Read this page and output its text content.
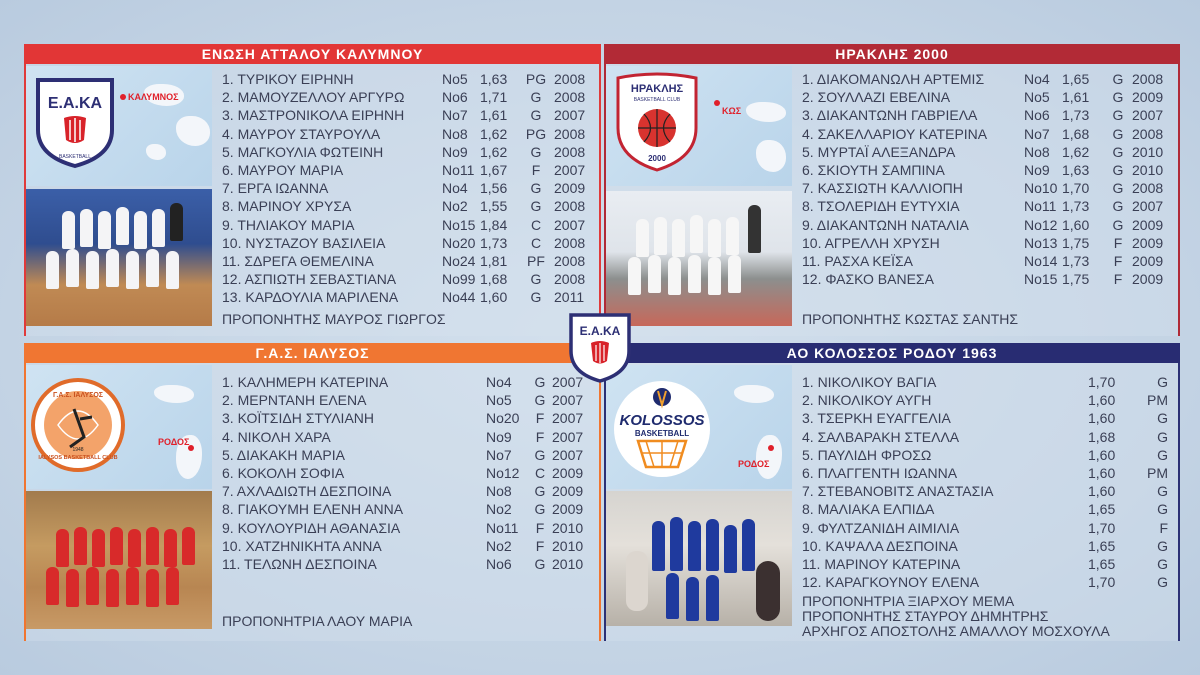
ΕΝΩΣΗ ΑΤΤΑΛΟΥ ΚΑΛΥΜΝΟΥ
ΚΑΛΥΜΝΟΣ
Ε.Α.ΚΑ
BASKETBALL
1. ΤΥΡΙΚΟΥ ΕΙΡΗΝΗ	No5 1,63 PG 2008
2. ΜΑΜΟΥΖΕΛΛΟΥ ΑΡΓΥΡΩ	No6 1,71	G 2008
3. ΜΑΣΤΡΟΝΙΚΟΛΑ ΕΙΡΗΝΗ	No7 1,61	G 2007
4. ΜΑΥΡΟΥ ΣΤΑΥΡΟΥΛΑ	No8 1,62 PG 2008
5. ΜΑΓΚΟΥΛΙΑ ΦΩΤΕΙΝΗ	No9 1,62	G 2008
6. ΜΑΥΡΟΥ ΜΑΡΙΑ	No11 1,67	F 2007
7. ΕΡΓΑ ΙΩΑΝΝΑ	No4 1,56	G 2009
8. ΜΑΡΙΝΟΥ ΧΡΥΣΑ	No2 1,55	G 2008
9. ΤΗΛΙΑΚΟΥ ΜΑΡΙΑ	No15 1,84	C 2007
10. ΝΥΣΤΑΖΟΥ ΒΑΣΙΛΕΙΑ	No20 1,73	C 2008
11. ΣΔΡΕΓΑ ΘΕΜΕΛΙΝΑ	No24 1,81 PF 2008
12. ΑΣΠΙΩΤΗ ΣΕΒΑΣΤΙΑΝΑ	No99 1,68	G 2008
13. ΚΑΡΔΟΥΛΙΑ ΜΑΡΙΛΕΝΑ	No44 1,60	G 2011
ΠΡΟΠΟΝΗΤΗΣ ΜΑΥΡΟΣ ΓΙΩΡΓΟΣ
ΗΡΑΚΛΗΣ 2000
ΚΩΣ
ΗΡΑΚΛΗΣ
BASKETBALL CLUB
2000
1. ΔΙΑΚΟΜΑΝΩΛΗ ΑΡΤΕΜΙΣ	No4 1,65	G 2008
2. ΣΟΥΛΛΑΖΙ ΕΒΕΛΙΝΑ	No5 1,61	G 2009
3. ΔΙΑΚΑΝΤΩΝΗ ΓΑΒΡΙΕΛΑ	No6 1,73	G 2007
4. ΣΑΚΕΛΛΑΡΙΟΥ ΚΑΤΕΡΙΝΑ	No7 1,68	G 2008
5. ΜΥΡΤΑΪ ΑΛΕΞΑΝΔΡΑ	No8 1,62	G 2010
6. ΣΚΙΟΥΤΗ ΣΑΜΠΙΝΑ	No9 1,63	G 2010
7. ΚΑΣΣΙΩΤΗ ΚΑΛΛΙΟΠΗ	No10 1,70	G 2008
8. ΤΣΟΛΕΡΙΔΗ ΕΥΤΥΧΙΑ	No11 1,73	G 2007
9. ΔΙΑΚΑΝΤΩΝΗ ΝΑΤΑΛΙΑ	No12 1,60	G 2009
10. ΑΓΡΕΛΛΗ ΧΡΥΣΗ	No13 1,75	F 2009
11. ΡΑΣΧΑ ΚΕΪΣΑ	No14 1,73	F 2009
12. ΦΑΣΚΟ ΒΑΝΕΣΑ	No15 1,75	F 2009
ΠΡΟΠΟΝΗΤΗΣ ΚΩΣΤΑΣ ΣΑΝΤΗΣ
Γ.Α.Σ. ΙΑΛΥΣΟΣ
ΡΟΔΟΣ
Γ.Α.Σ. ΙΑΛΥΣΟΣ
IALYSOS BASKETBALL CLUB
1948
1. ΚΑΛΗΜΕΡΗ ΚΑΤΕΡΙΝΑ	No4	G 2007
2. ΜΕΡΝΤΑΝΗ ΕΛΕΝΑ	No5	G 2007
3. ΚΟΪΤΣΙΔΗ ΣΤΥΛΙΑΝΗ	No20	F 2007
4. ΝΙΚΟΛΗ ΧΑΡΑ	No9	F 2007
5. ΔΙΑΚΑΚΗ ΜΑΡΙΑ	No7	G 2007
6. ΚΟΚΟΛΗ ΣΟΦΙΑ	No12	C 2009
7. ΑΧΛΑΔΙΩΤΗ ΔΕΣΠΟΙΝΑ	No8	G 2009
8. ΓΙΑΚΟΥΜΗ ΕΛΕΝΗ ΑΝΝΑ	No2	G 2009
9. ΚΟΥΛΟΥΡΙΔΗ ΑΘΑΝΑΣΙΑ	No11	F 2010
10. ΧΑΤΖΗΝΙΚΗΤΑ ΑΝΝΑ	No2	F 2010
11. ΤΕΛΩΝΗ ΔΕΣΠΟΙΝΑ	No6	G 2010
ΠΡΟΠΟΝΗΤΡΙΑ ΛΑΟΥ ΜΑΡΙΑ
ΑΟ ΚΟΛΟΣΣΟΣ ΡΟΔΟΥ 1963
ΡΟΔΟΣ
KOLOSSOS
BASKETBALL
1. ΝΙΚΟΛΙΚΟΥ ΒΑΓΙΑ	1,70	G
2. ΝΙΚΟΛΙΚΟΥ ΑΥΓΗ	1,60	PM
3. ΤΣΕΡΚΗ ΕΥΑΓΓΕΛΙΑ	1,60	G
4. ΣΑΛΒΑΡΑΚΗ ΣΤΕΛΛΑ	1,68	G
5. ΠΑΥΛΙΔΗ ΦΡΟΣΩ	1,60	G
6. ΠΛΑΓΓΕΝΤΗ ΙΩΑΝΝΑ	1,60	PM
7. ΣΤΕΒΑΝΟΒΙΤΣ ΑΝΑΣΤΑΣΙΑ	1,60	G
8. ΜΑΛΙΑΚΑ ΕΛΠΙΔΑ	1,65	G
9. ΦΥΛΤΖΑΝΙΔΗ ΑΙΜΙΛΙΑ	1,70	F
10. ΚΑΨΑΛΑ ΔΕΣΠΟΙΝΑ	1,65	G
11. ΜΑΡΙΝΟΥ ΚΑΤΕΡΙΝΑ	1,65	G
12. ΚΑΡΑΓΚΟΥΝΟΥ ΕΛΕΝΑ	1,70	G
ΠΡΟΠΟΝΗΤΡΙΑ ΞΙΑΡΧΟΥ ΜΕΜΑ
ΠΡΟΠΟΝΗΤΗΣ ΣΤΑΥΡΟΥ ΔΗΜΗΤΡΗΣ
ΑΡΧΗΓΟΣ ΑΠΟΣΤΟΛΗΣ ΑΜΑΛΛΟΥ ΜΟΣΧΟΥΛΑ
Ε.Α.ΚΑ
